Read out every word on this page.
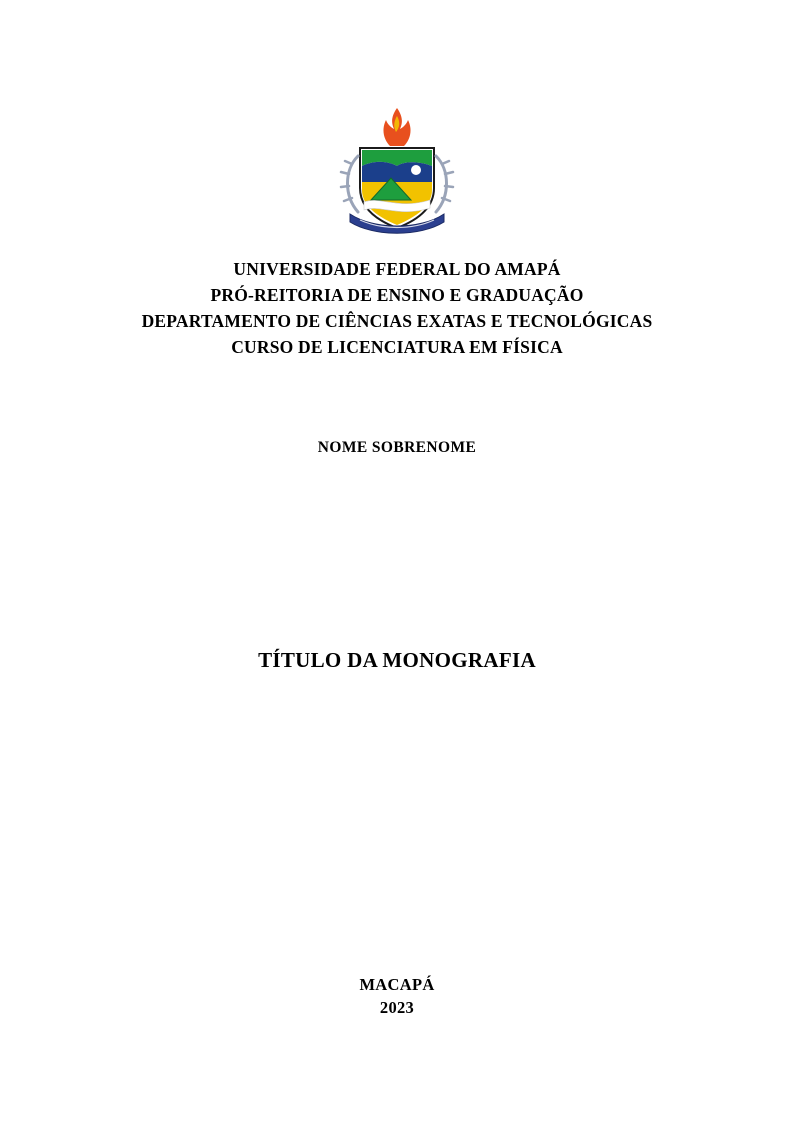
UNIVERSIDADE FEDERAL DO AMAPÁ
PRÓ-REITORIA DE ENSINO E GRADUAÇÃO
DEPARTAMENTO DE CIÊNCIAS EXATAS E TECNOLÓGICAS
CURSO DE LICENCIATURA EM FÍSICA
NOME SOBRENOME
TÍTULO DA MONOGRAFIA
MACAPÁ
2023
